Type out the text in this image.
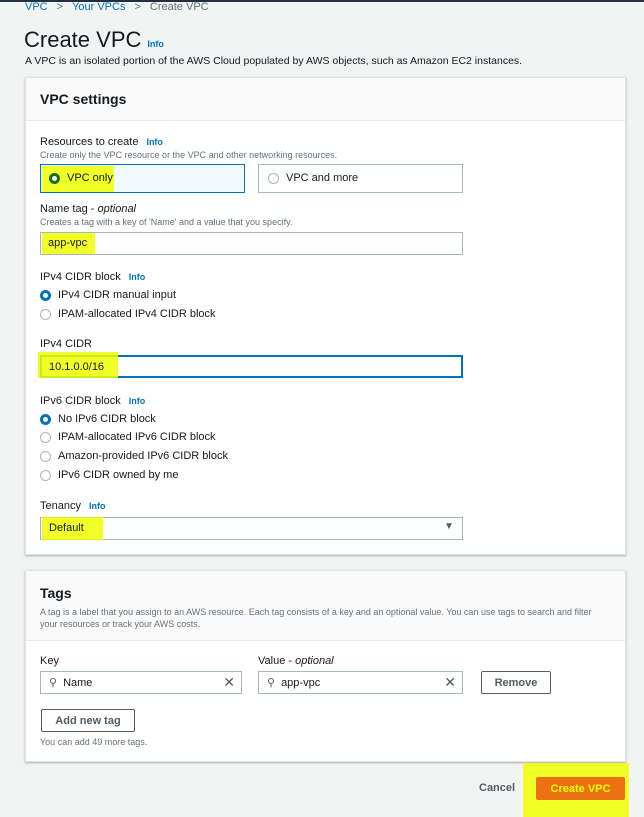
VPC > Your VPCs > Create VPC
Create VPC Info
A VPC is an isolated portion of the AWS Cloud populated by AWS objects, such as Amazon EC2 instances.
VPC settings
Resources to create Info
Create only the VPC resource or the VPC and other networking resources.
VPC only	VPC and more
Name tag - optional
Creates a tag with a key of 'Name' and a value that you specify.
app-vpc
IPv4 CIDR block Info
IPv4 CIDR manual input
IPAM-allocated IPv4 CIDR block
IPv4 CIDR
10.1.0.0/16
IPv6 CIDR block Info
No IPv6 CIDR block
IPAM-allocated IPv6 CIDR block
Amazon-provided IPv6 CIDR block
IPv6 CIDR owned by me
Tenancy Info
Default	▼
Tags
A tag is a label that you assign to an AWS resource. Each tag consists of a key and an optional value. You can use tags to search and filter your resources or track your AWS costs.
Key	Value - optional
⚲ Name	✕	⚲ app-vpc	✕	Remove
Add new tag
You can add 49 more tags.
Cancel	Create VPC
